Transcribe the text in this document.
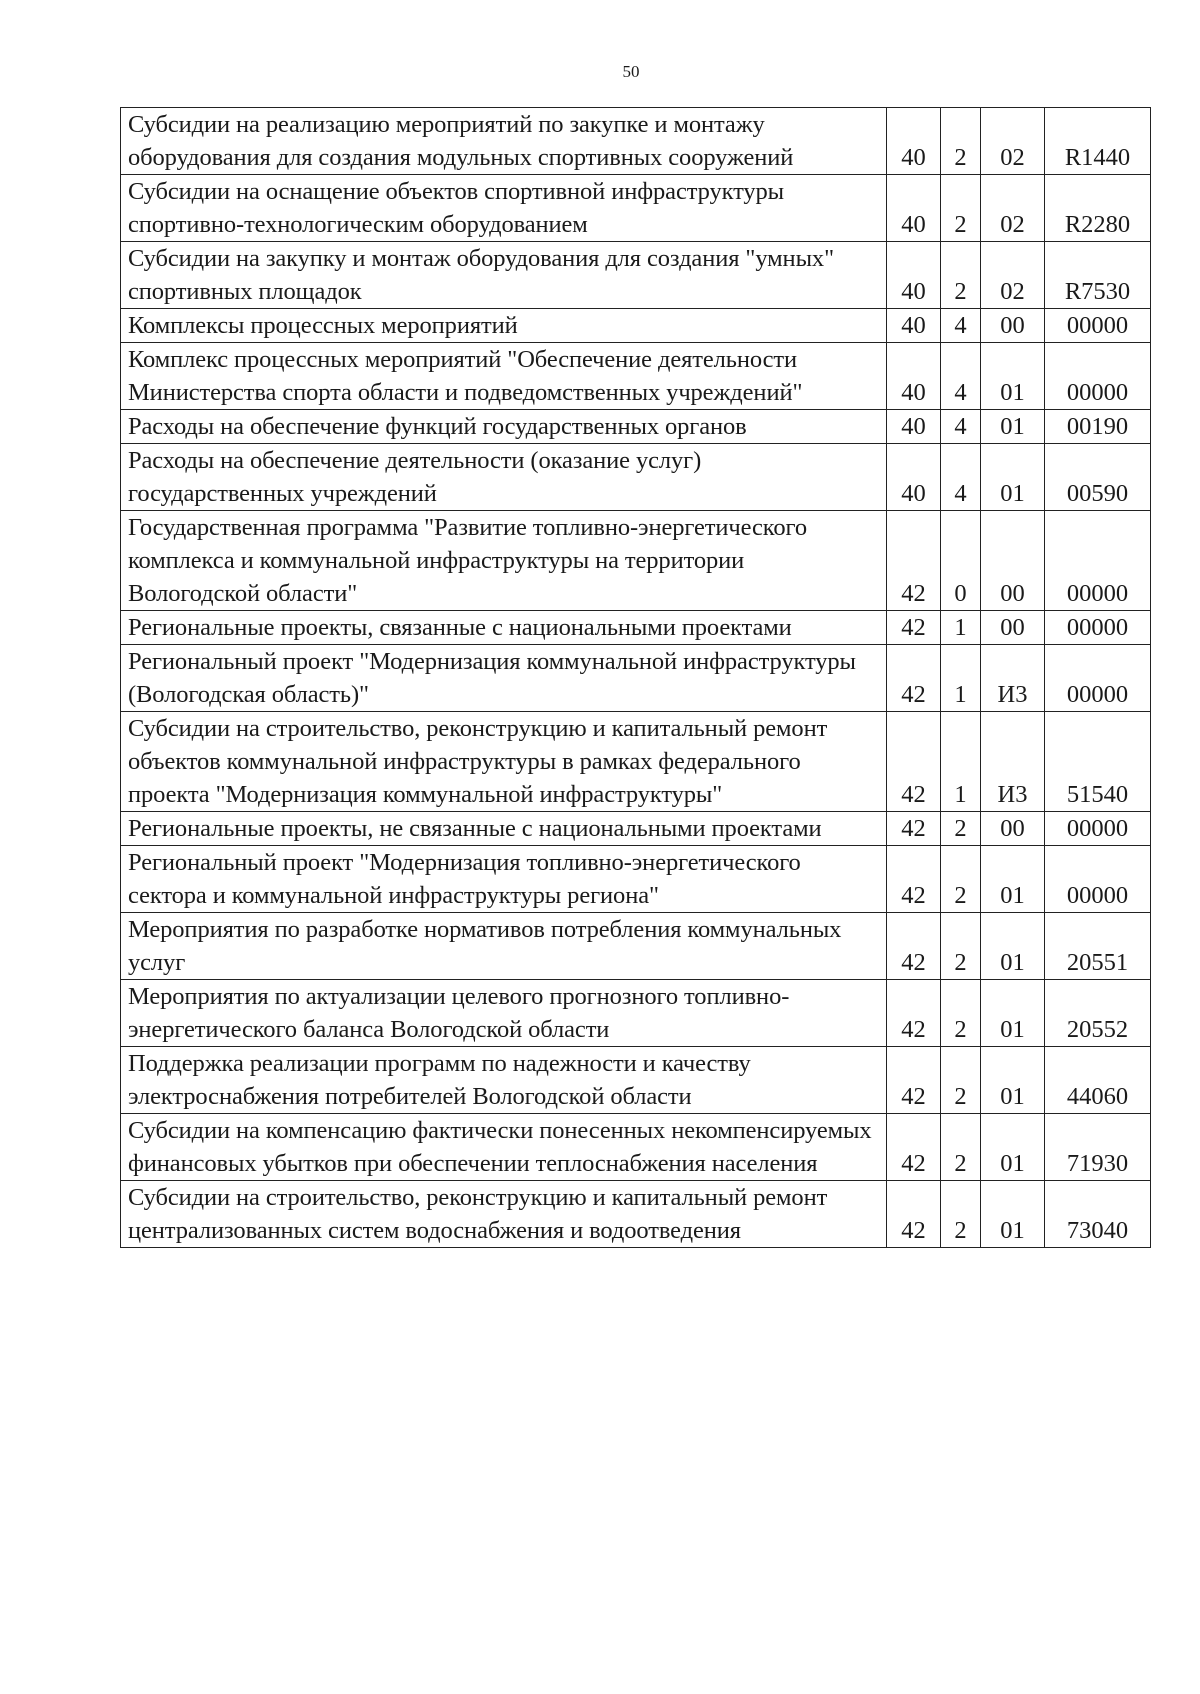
50
Субсидии на реализацию мероприятий по закупке и монтажу оборудования для создания модульных спортивных сооружений	40	2	02	R1440
Субсидии на оснащение объектов спортивной инфраструктуры спортивно-технологическим оборудованием	40	2	02	R2280
Субсидии на закупку и монтаж оборудования для создания "умных" спортивных площадок	40	2	02	R7530
Комплексы процессных мероприятий	40	4	00	00000
Комплекс процессных мероприятий "Обеспечение деятельности Министерства спорта области и подведомственных учреждений"	40	4	01	00000
Расходы на обеспечение функций государственных органов	40	4	01	00190
Расходы на обеспечение деятельности (оказание услуг) государственных учреждений	40	4	01	00590
Государственная программа "Развитие топливно-энергетического комплекса и коммунальной инфраструктуры на территории Вологодской области"	42	0	00	00000
Региональные проекты, связанные с национальными проектами	42	1	00	00000
Региональный проект "Модернизация коммунальной инфраструктуры (Вологодская область)"	42	1	И3	00000
Субсидии на строительство, реконструкцию и капитальный ремонт объектов коммунальной инфраструктуры в рамках федерального проекта "Модернизация коммунальной инфраструктуры"	42	1	И3	51540
Региональные проекты, не связанные с национальными проектами	42	2	00	00000
Региональный проект "Модернизация топливно-энергетического сектора и коммунальной инфраструктуры региона"	42	2	01	00000
Мероприятия по разработке нормативов потребления коммунальных услуг	42	2	01	20551
Мероприятия по актуализации целевого прогнозного топливно-энергетического баланса Вологодской области	42	2	01	20552
Поддержка реализации программ по надежности и качеству электроснабжения потребителей Вологодской области	42	2	01	44060
Субсидии на компенсацию фактически понесенных некомпенсируемых финансовых убытков при обеспечении теплоснабжения населения	42	2	01	71930
Субсидии на строительство, реконструкцию и капитальный ремонт централизованных систем водоснабжения и водоотведения	42	2	01	73040
